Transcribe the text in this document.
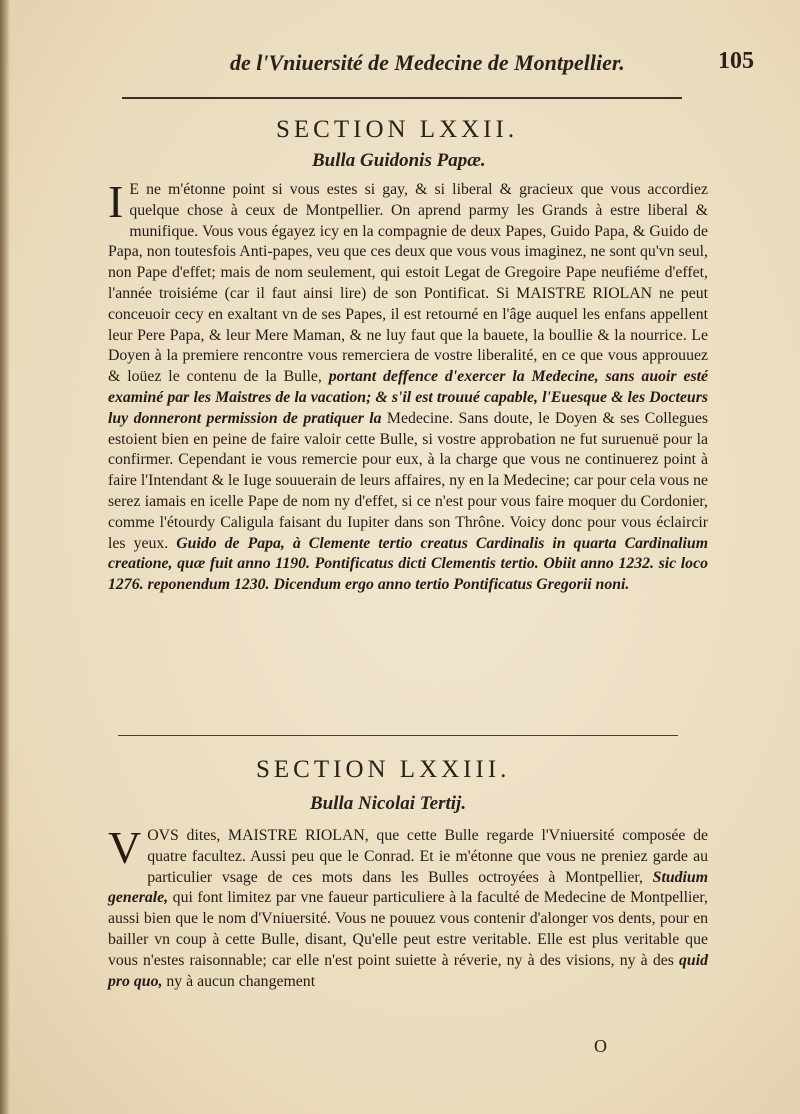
de l'Vniuersité de Medecine de Montpellier.	105
SECTION LXXII.
Bulla Guidonis Papæ.

I E ne m'étonne point si vous estes si gay, & si liberal & gracieux que vous accordiez quelque chose à ceux de Montpellier. On aprend parmy les Grands à estre liberal & munifique. Vous vous égayez icy en la compagnie de deux Papes, Guido Papa, & Guido de Papa, non toutesfois Anti-papes, veu que ces deux que vous vous imaginez, ne sont qu'vn seul, non Pape d'effet; mais de nom seulement, qui estoit Legat de Gregoire Pape neufiéme d'effet, l'année troisiéme (car il faut ainsi lire) de son Pontificat. Si MAISTRE RIOLAN ne peut conceuoir cecy en exaltant vn de ses Papes, il est retourné en l'âge auquel les enfans appellent leur Pere Papa, & leur Mere Maman, & ne luy faut que la bauete, la boullie & la nourrice. Le Doyen à la premiere rencontre vous remerciera de vostre liberalité, en ce que vous approuuez & loüez le contenu de la Bulle, portant deffence d'exercer la Medecine, sans auoir esté examiné par les Maistres de la vacation; & s'il est trouué capable, l'Euesque & les Docteurs luy donneront permission de pratiquer la Medecine. Sans doute, le Doyen & ses Collegues estoient bien en peine de faire valoir cette Bulle, si vostre approbation ne fut suruenuë pour la confirmer. Cependant ie vous remercie pour eux, à la charge que vous ne continuerez point à faire l'Intendant & le Iuge souuerain de leurs affaires, ny en la Medecine; car pour cela vous ne serez iamais en icelle Pape de nom ny d'effet, si ce n'est pour vous faire moquer du Cordonier, comme l'étourdy Caligula faisant du Iupiter dans son Thrône. Voicy donc pour vous éclaircir les yeux. Guido de Papa, à Clemente tertio creatus Cardinalis in quarta Cardinalium creatione, quæ fuit anno 1190. Pontificatus dicti Clementis tertio. Obiit anno 1232. sic loco 1276. reponendum 1230. Dicendum ergo anno tertio Pontificatus Gregorii noni.

SECTION LXXIII.
Bulla Nicolai Tertij.

VOVS dites, MAISTRE RIOLAN, que cette Bulle regarde l'Vniuersité composée de quatre facultez. Aussi peu que le Conrad. Et ie m'étonne que vous ne preniez garde au particulier vsage de ces mots dans les Bulles octroyées à Montpellier, Studium generale, qui font limitez par vne faueur particuliere à la faculté de Medecine de Montpellier, aussi bien que le nom d'Vniuersité. Vous ne pouuez vous contenir d'alonger vos dents, pour en bailler vn coup à cette Bulle, disant, Qu'elle peut estre veritable. Elle est plus veritable que vous n'estes raisonnable; car elle n'est point suiette à réverie, ny à des visions, ny à des quid pro quo, ny à aucun changement

O
